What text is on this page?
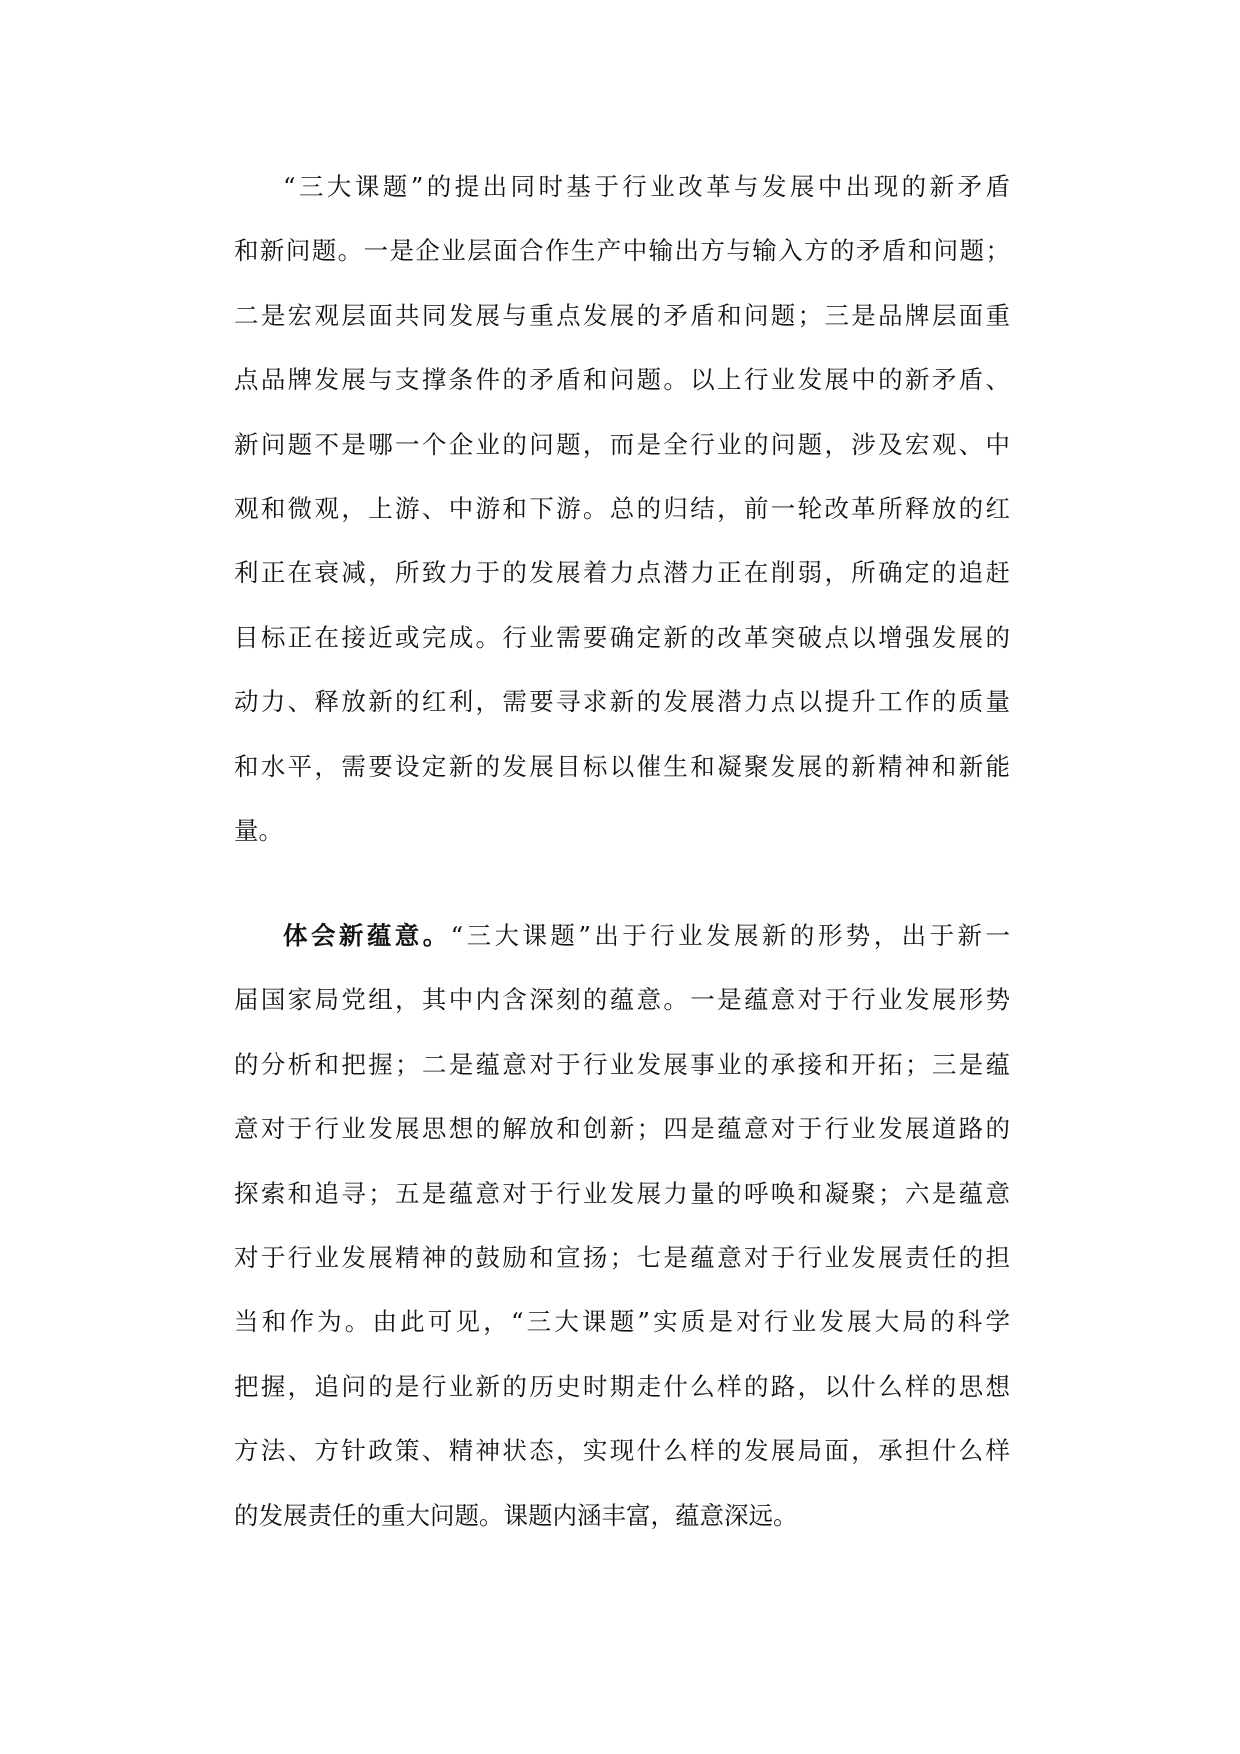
“三大课题”的提出同时基于行业改革与发展中出现的新矛盾
和新问题。一是企业层面合作生产中输出方与输入方的矛盾和问题；
二是宏观层面共同发展与重点发展的矛盾和问题；三是品牌层面重
点品牌发展与支撑条件的矛盾和问题。以上行业发展中的新矛盾、
新问题不是哪一个企业的问题，而是全行业的问题，涉及宏观、中
观和微观，上游、中游和下游。总的归结，前一轮改革所释放的红
利正在衰减，所致力于的发展着力点潜力正在削弱，所确定的追赶
目标正在接近或完成。行业需要确定新的改革突破点以增强发展的
动力、释放新的红利，需要寻求新的发展潜力点以提升工作的质量
和水平，需要设定新的发展目标以催生和凝聚发展的新精神和新能
量。
体会新蕴意。“三大课题”出于行业发展新的形势，出于新一
届国家局党组，其中内含深刻的蕴意。一是蕴意对于行业发展形势
的分析和把握；二是蕴意对于行业发展事业的承接和开拓；三是蕴
意对于行业发展思想的解放和创新；四是蕴意对于行业发展道路的
探索和追寻；五是蕴意对于行业发展力量的呼唤和凝聚；六是蕴意
对于行业发展精神的鼓励和宣扬；七是蕴意对于行业发展责任的担
当和作为。由此可见，“三大课题”实质是对行业发展大局的科学
把握，追问的是行业新的历史时期走什么样的路，以什么样的思想
方法、方针政策、精神状态，实现什么样的发展局面，承担什么样
的发展责任的重大问题。课题内涵丰富，蕴意深远。
